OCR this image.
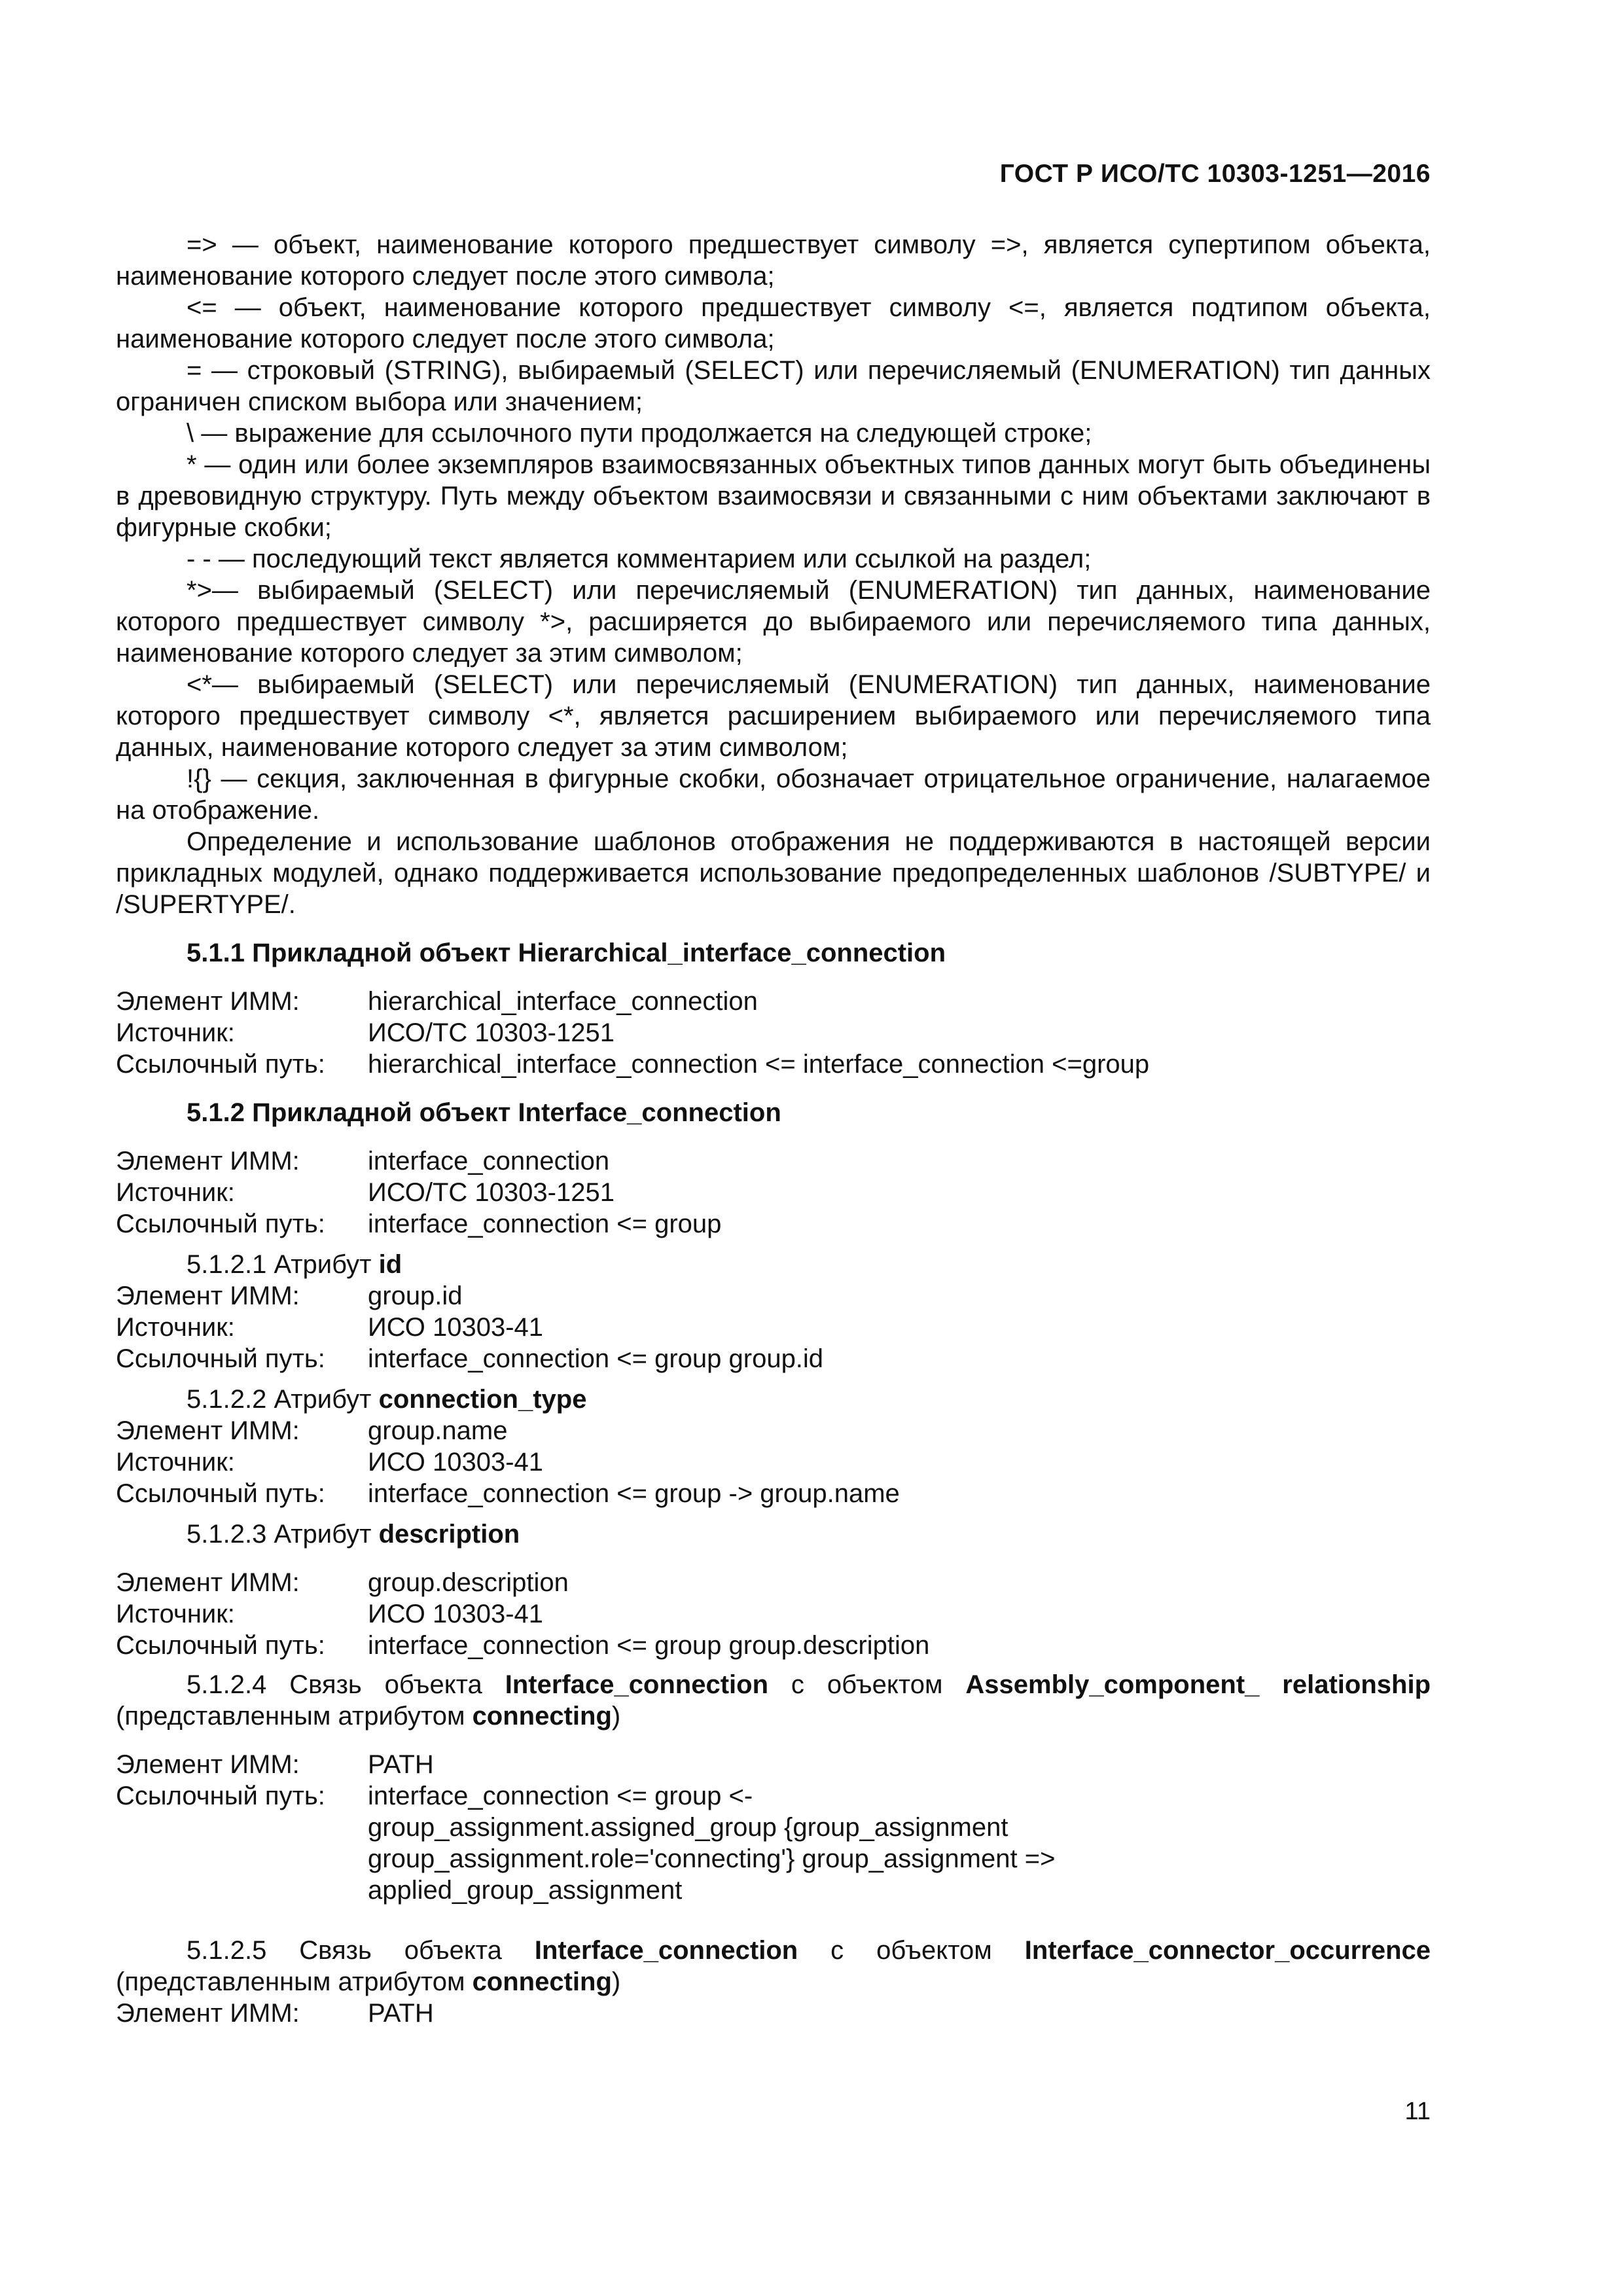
ГОСТ Р ИСО/ТС 10303-1251—2016

=> — объект, наименование которого предшествует символу =>, является супертипом объекта, наименование которого следует после этого символа;

<= — объект, наименование которого предшествует символу <=, является подтипом объекта, наименование которого следует после этого символа;

= — строковый (STRING), выбираемый (SELECT) или перечисляемый (ENUMERATION) тип данных ограничен списком выбора или значением;

\ — выражение для ссылочного пути продолжается на следующей строке;

* — один или более экземпляров взаимосвязанных объектных типов данных могут быть объединены в древовидную структуру. Путь между объектом взаимосвязи и связанными с ним объектами заключают в фигурные скобки;

- - — последующий текст является комментарием или ссылкой на раздел;

*>— выбираемый (SELECT) или перечисляемый (ENUMERATION) тип данных, наименование которого предшествует символу *>, расширяется до выбираемого или перечисляемого типа данных, наименование которого следует за этим символом;

<*— выбираемый (SELECT) или перечисляемый (ENUMERATION) тип данных, наименование которого предшествует символу <*, является расширением выбираемого или перечисляемого типа данных, наименование которого следует за этим символом;

!{} — секция, заключенная в фигурные скобки, обозначает отрицательное ограничение, налагаемое на отображение.

Определение и использование шаблонов отображения не поддерживаются в настоящей версии прикладных модулей, однако поддерживается использование предопределенных шаблонов /SUBTYPE/ и /SUPERTYPE/.

5.1.1 Прикладной объект Hierarchical_interface_connection
Элемент ИММ:	hierarchical_interface_connection
Источник:	ИСО/ТС 10303-1251
Ссылочный путь:	hierarchical_interface_connection <= interface_connection <=group
5.1.2 Прикладной объект Interface_connection
Элемент ИММ:	interface_connection
Источник:	ИСО/ТС 10303-1251
Ссылочный путь:	interface_connection <= group
5.1.2.1 Атрибут id
Элемент ИММ:	group.id
Источник:	ИСО 10303-41
Ссылочный путь:	interface_connection <= group group.id
5.1.2.2 Атрибут connection_type
Элемент ИММ:	group.name
Источник:	ИСО 10303-41
Ссылочный путь:	interface_connection <= group -> group.name
5.1.2.3 Атрибут description
Элемент ИММ:	group.description
Источник:	ИСО 10303-41
Ссылочный путь:	interface_connection <= group group.description
5.1.2.4 Связь объекта Interface_connection с объектом Assembly_component_ relationship (представленным атрибутом connecting)
Элемент ИММ:	PATH
Ссылочный путь:	interface_connection <= group <-
group_assignment.assigned_group {group_assignment
group_assignment.role='connecting'} group_assignment =>
applied_group_assignment
5.1.2.5 Связь объекта Interface_connection с объектом Interface_connector_occurrence (представленным атрибутом connecting)
Элемент ИММ:	PATH
11
